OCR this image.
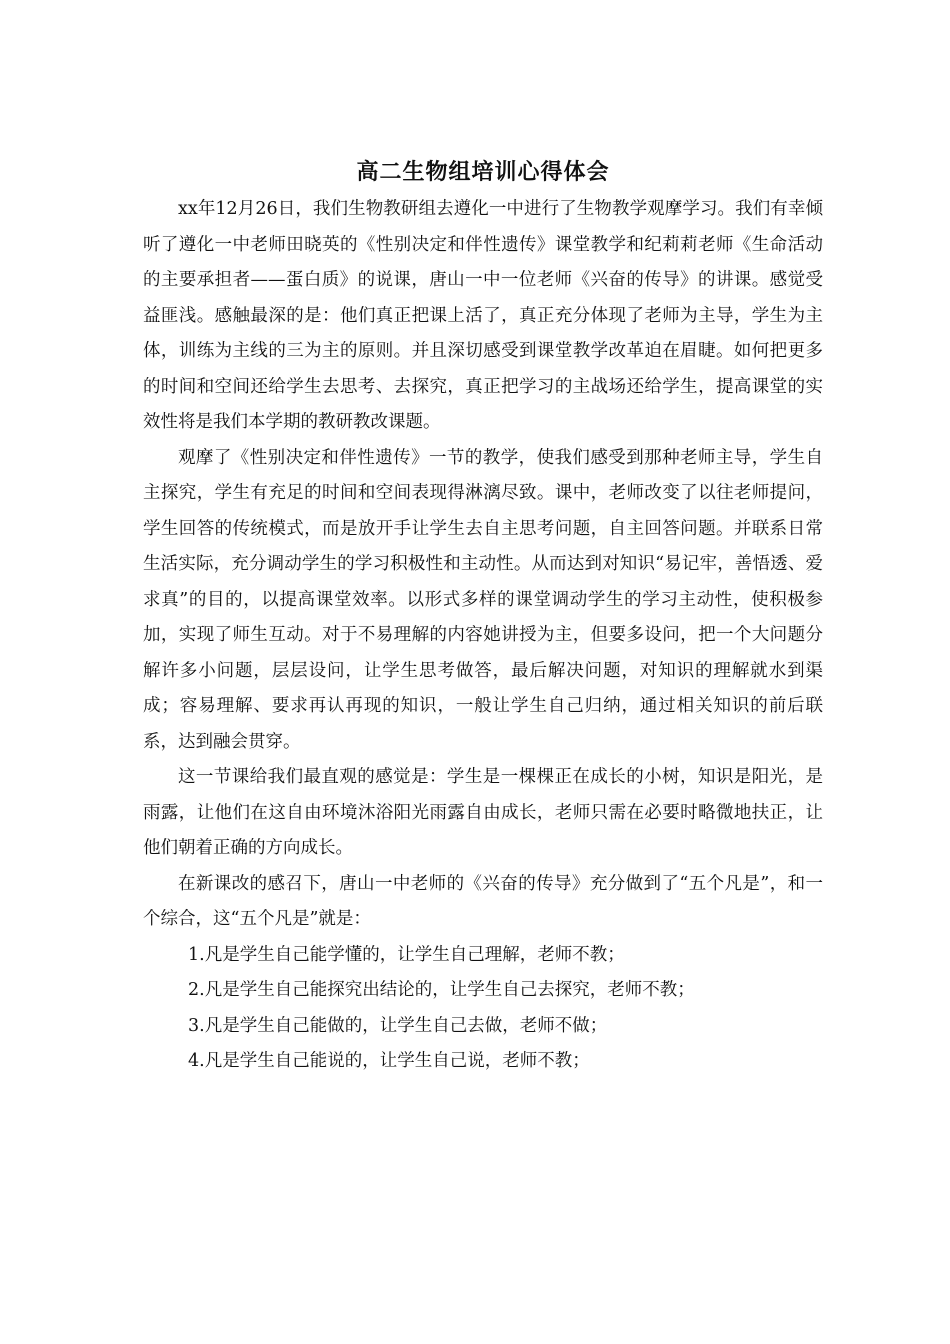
高二生物组培训心得体会

xx年12月26日，我们生物教研组去遵化一中进行了生物教学观摩学习。我们有幸倾听了遵化一中老师田晓英的《性别决定和伴性遗传》课堂教学和纪莉莉老师《生命活动的主要承担者——蛋白质》的说课，唐山一中一位老师《兴奋的传导》的讲课。感觉受益匪浅。感触最深的是：他们真正把课上活了，真正充分体现了老师为主导，学生为主体，训练为主线的三为主的原则。并且深切感受到课堂教学改革迫在眉睫。如何把更多的时间和空间还给学生去思考、去探究，真正把学习的主战场还给学生，提高课堂的实效性将是我们本学期的教研教改课题。

观摩了《性别决定和伴性遗传》一节的教学，使我们感受到那种老师主导，学生自主探究，学生有充足的时间和空间表现得淋漓尽致。课中，老师改变了以往老师提问，学生回答的传统模式，而是放开手让学生去自主思考问题，自主回答问题。并联系日常生活实际，充分调动学生的学习积极性和主动性。从而达到对知识“易记牢，善悟透、爱求真”的目的，以提高课堂效率。以形式多样的课堂调动学生的学习主动性，使积极参加，实现了师生互动。对于不易理解的内容她讲授为主，但要多设问，把一个大问题分解许多小问题，层层设问，让学生思考做答，最后解决问题，对知识的理解就水到渠成；容易理解、要求再认再现的知识，一般让学生自己归纳，通过相关知识的前后联系，达到融会贯穿。

这一节课给我们最直观的感觉是：学生是一棵棵正在成长的小树，知识是阳光，是雨露，让他们在这自由环境沐浴阳光雨露自由成长，老师只需在必要时略微地扶正，让他们朝着正确的方向成长。

在新课改的感召下，唐山一中老师的《兴奋的传导》充分做到了“五个凡是”，和一个综合，这“五个凡是”就是：

1.凡是学生自己能学懂的，让学生自己理解，老师不教；

2.凡是学生自己能探究出结论的，让学生自己去探究，老师不教；

3.凡是学生自己能做的，让学生自己去做，老师不做；

4.凡是学生自己能说的，让学生自己说，老师不教；
